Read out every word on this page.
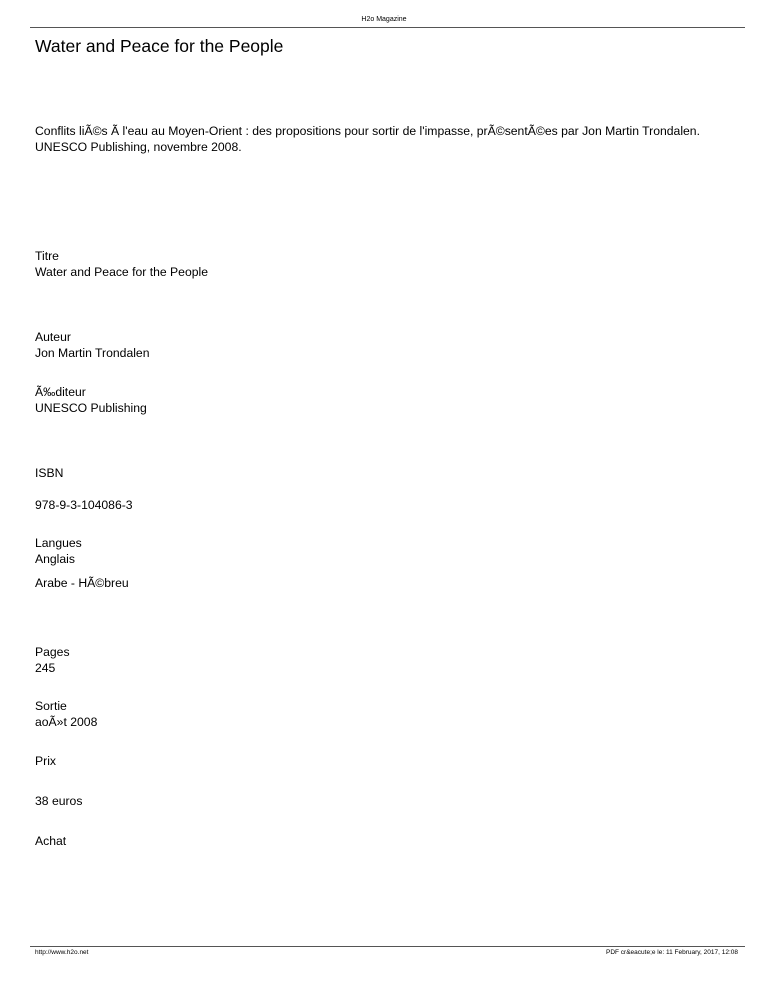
H2o Magazine
Water and Peace for the People
Conflits liÃ©s Ã l'eau au Moyen-Orient : des propositions pour sortir de l'impasse, prÃ©sentÃ©es par Jon Martin Trondalen.
UNESCO Publishing, novembre 2008.
Titre
Water and Peace for the People
Auteur
Jon Martin Trondalen
Ã‰diteur
UNESCO Publishing
ISBN
978-9-3-104086-3
Langues
Anglais
Arabe - HÃ©breu
Pages
245
Sortie
aoÃ»t 2008
Prix
38 euros
Achat
http://www.h2o.net	PDF cr&eacute;e le: 11 February, 2017, 12:08
